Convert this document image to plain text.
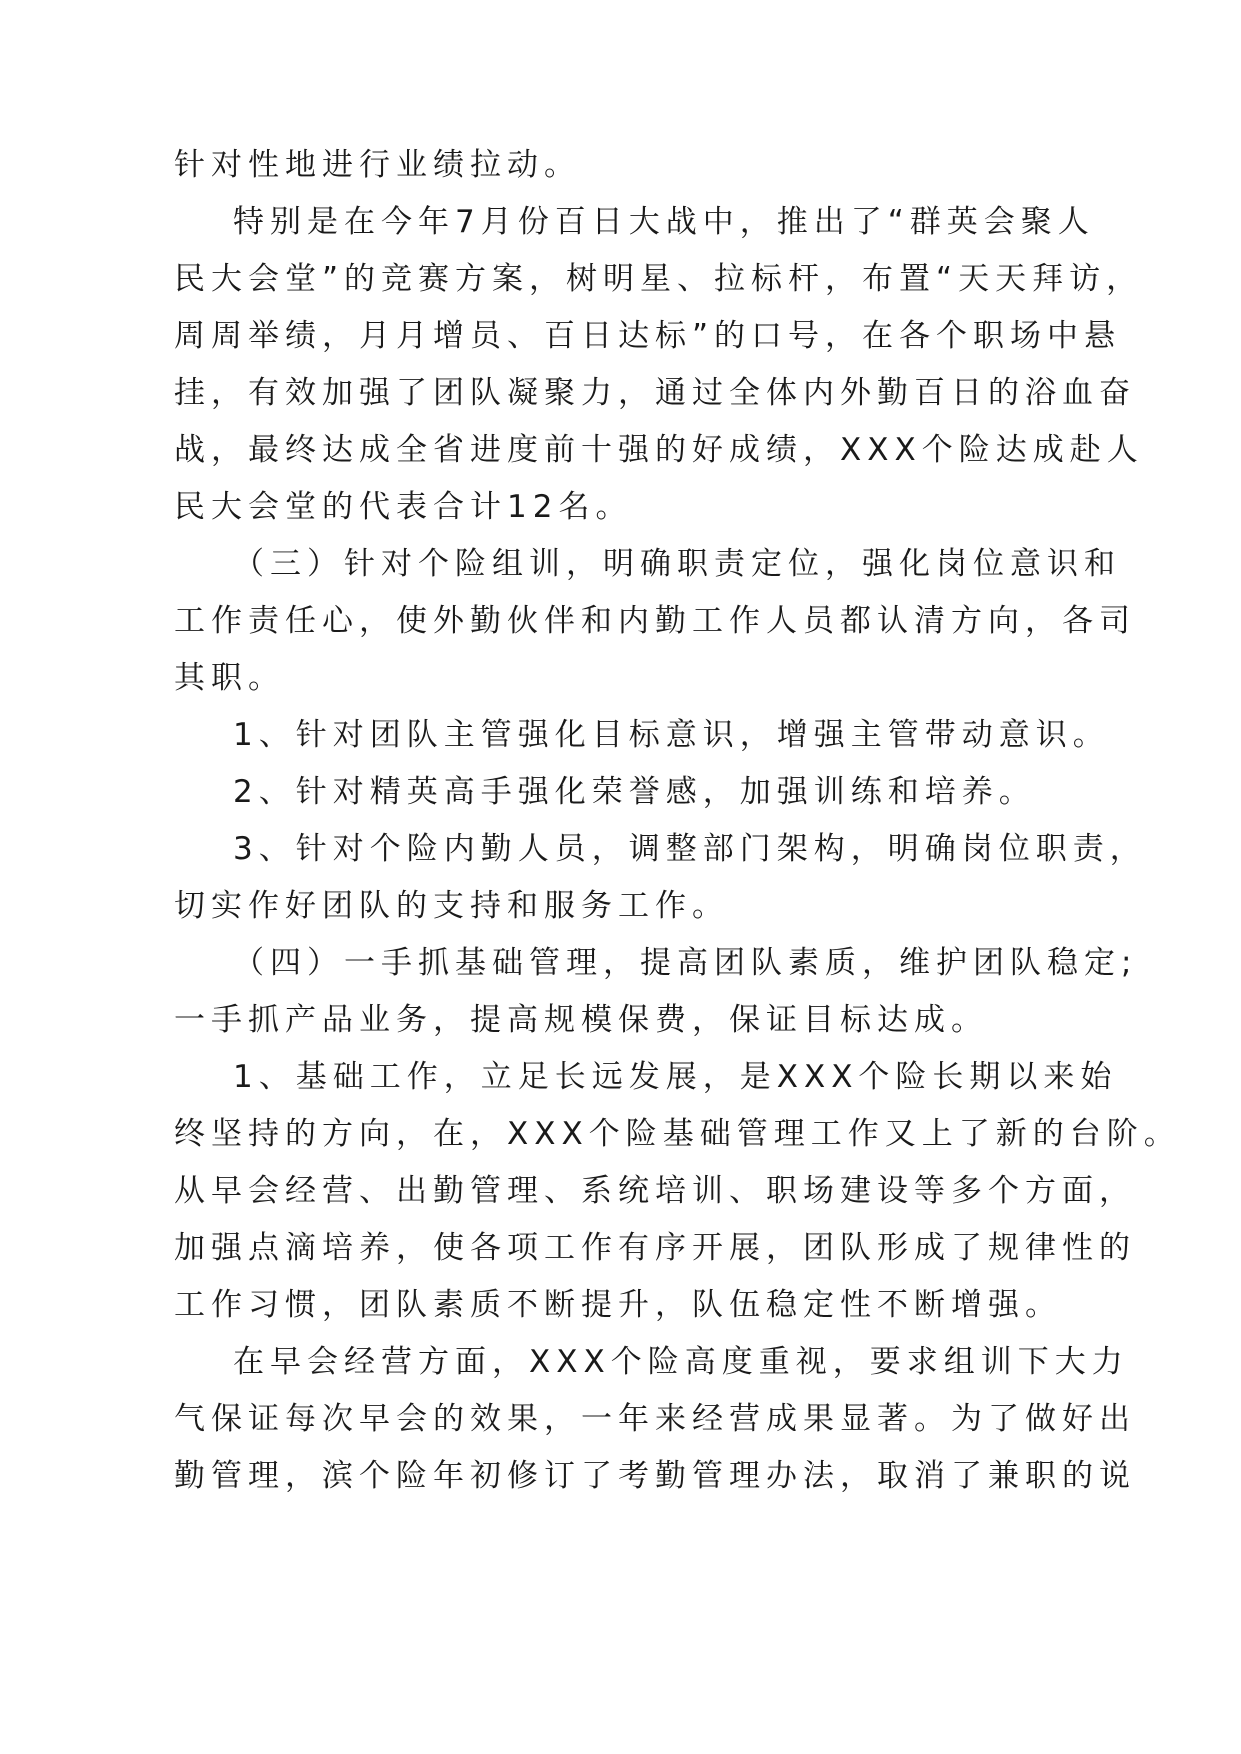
针对性地进行业绩拉动。
特别是在今年7月份百日大战中，推出了“群英会聚人
民大会堂”的竞赛方案，树明星、拉标杆，布置“天天拜访，
周周举绩，月月增员、百日达标”的口号，在各个职场中悬
挂，有效加强了团队凝聚力，通过全体内外勤百日的浴血奋
战，最终达成全省进度前十强的好成绩，XXX个险达成赴人
民大会堂的代表合计12名。
（三）针对个险组训，明确职责定位，强化岗位意识和
工作责任心，使外勤伙伴和内勤工作人员都认清方向，各司
其职。
1、针对团队主管强化目标意识，增强主管带动意识。
2、针对精英高手强化荣誉感，加强训练和培养。
3、针对个险内勤人员，调整部门架构，明确岗位职责，
切实作好团队的支持和服务工作。
（四）一手抓基础管理，提高团队素质，维护团队稳定;
一手抓产品业务，提高规模保费，保证目标达成。
1、基础工作，立足长远发展，是XXX个险长期以来始
终坚持的方向，在，XXX个险基础管理工作又上了新的台阶。
从早会经营、出勤管理、系统培训、职场建设等多个方面，
加强点滴培养，使各项工作有序开展，团队形成了规律性的
工作习惯，团队素质不断提升，队伍稳定性不断增强。
在早会经营方面，XXX个险高度重视，要求组训下大力
气保证每次早会的效果，一年来经营成果显著。为了做好出
勤管理，滨个险年初修订了考勤管理办法，取消了兼职的说
